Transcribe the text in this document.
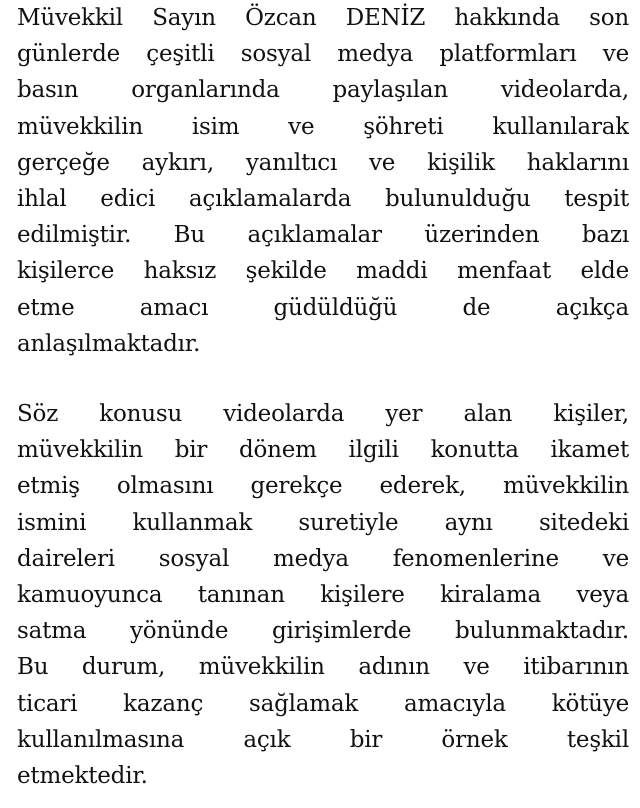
Müvekkil Sayın Özcan DENİZ hakkında son
günlerde çeşitli sosyal medya platformları ve
basın organlarında paylaşılan videolarda,
müvekkilin isim ve şöhreti kullanılarak
gerçeğe aykırı, yanıltıcı ve kişilik haklarını
ihlal edici açıklamalarda bulunulduğu tespit
edilmiştir. Bu açıklamalar üzerinden bazı
kişilerce haksız şekilde maddi menfaat elde
etme amacı güdüldüğü de açıkça
anlaşılmaktadır.
Söz konusu videolarda yer alan kişiler,
müvekkilin bir dönem ilgili konutta ikamet
etmiş olmasını gerekçe ederek, müvekkilin
ismini kullanmak suretiyle aynı sitedeki
daireleri sosyal medya fenomenlerine ve
kamuoyunca tanınan kişilere kiralama veya
satma yönünde girişimlerde bulunmaktadır.
Bu durum, müvekkilin adının ve itibarının
ticari kazanç sağlamak amacıyla kötüye
kullanılmasına açık bir örnek teşkil
etmektedir.
